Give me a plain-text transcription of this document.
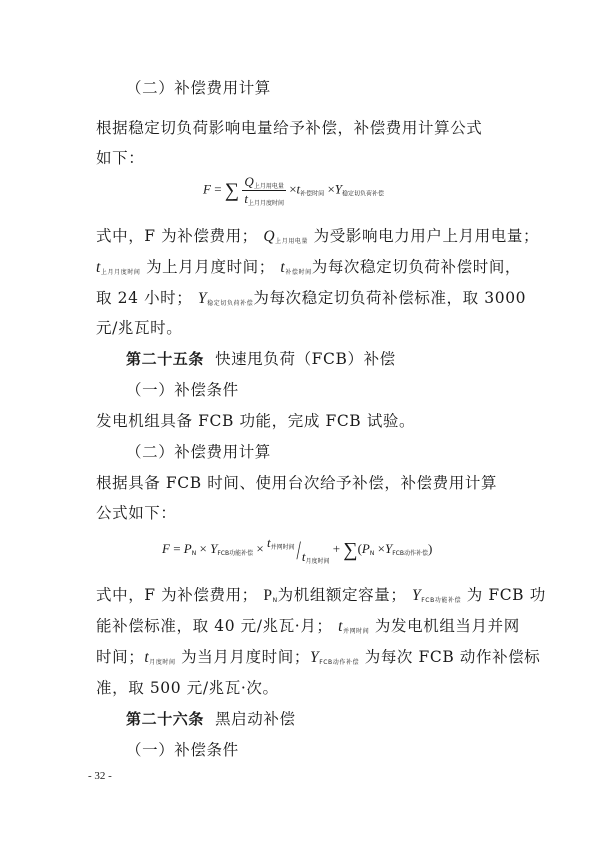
（二）补偿费用计算
根据稳定切负荷影响电量给予补偿，补偿费用计算公式
如下：
F = ∑ $\frac{Q_{上月用电量}}{t_{上月月度时间}} \times t_{补偿时间} \times Y_{稳定切负荷补偿}$
式中，F 为补偿费用； $Q_{上月用电量}$ 为受影响电力用户上月用电量；
$t_{上月月度时间}$ 为上月月度时间； $t_{补偿时间}$为每次稳定切负荷补偿时间，
取 24 小时； $Y_{稳定切负荷补偿}$为每次稳定切负荷补偿标准，取 3000
元/兆瓦时。
第二十五条 快速甩负荷（FCB）补偿
（一）补偿条件
发电机组具备 FCB 功能，完成 FCB 试验。
（二）补偿费用计算
根据具备 FCB 时间、使用台次给予补偿，补偿费用计算
公式如下：
$F = P_N \times Y_{FCB功能补偿} \times t_{并网时间}/t_{月度时间} + \sum(P_N \times Y_{FCB动作补偿})$
式中，F 为补偿费用； $P_N$为机组额定容量； $Y_{FCB功能补偿}$ 为 FCB 功
能补偿标准，取 40 元/兆瓦·月； $t_{并网时间}$ 为发电机组当月并网
时间；$t_{月度时间}$ 为当月月度时间；$Y_{FCB动作补偿}$ 为每次 FCB 动作补偿标
准，取 500 元/兆瓦·次。
第二十六条 黑启动补偿
（一）补偿条件
- 32 -
